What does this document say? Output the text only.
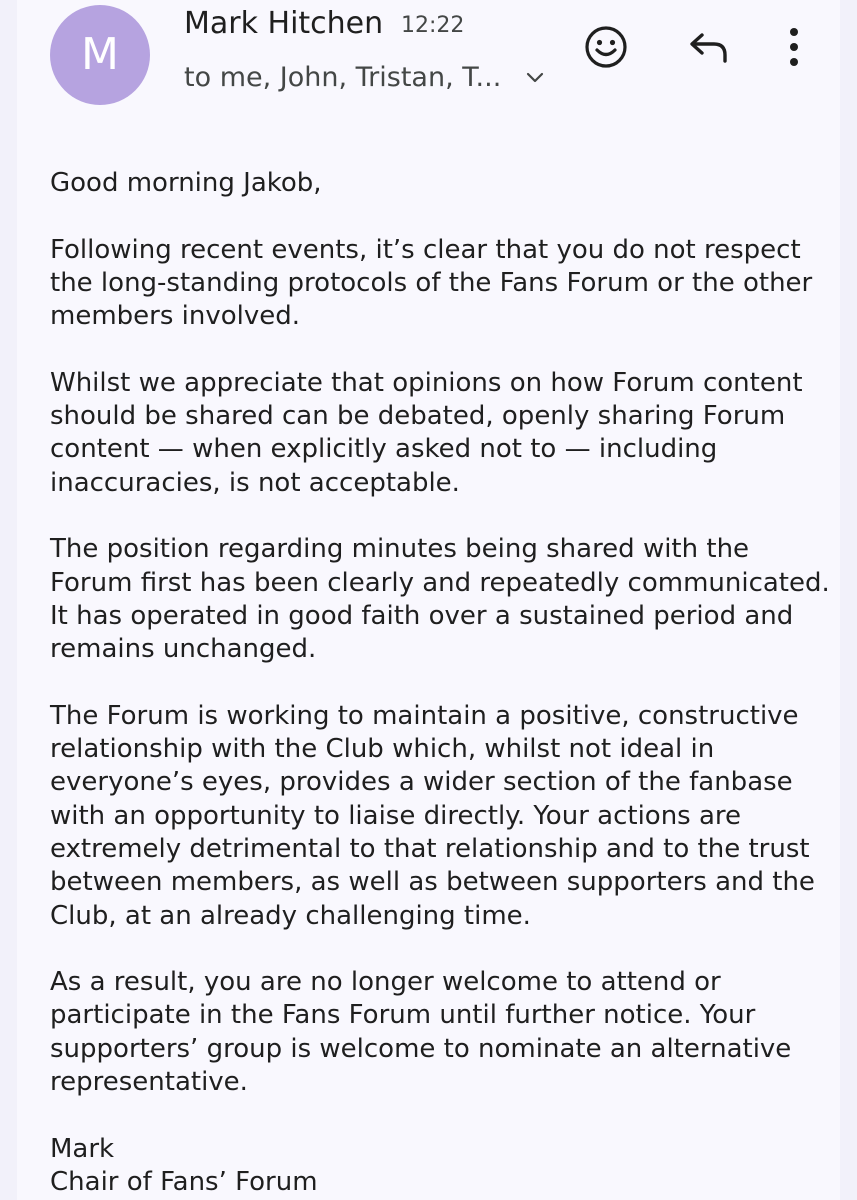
M
Mark Hitchen 12:22
to me, John, Tristan, T...

Good morning Jakob,

Following recent events, it’s clear that you do not respect the long-standing protocols of the Fans Forum or the other members involved.

Whilst we appreciate that opinions on how Forum content should be shared can be debated, openly sharing Forum content — when explicitly asked not to — including inaccuracies, is not acceptable.

The position regarding minutes being shared with the Forum first has been clearly and repeatedly communicated. It has operated in good faith over a sustained period and remains unchanged.

The Forum is working to maintain a positive, constructive relationship with the Club which, whilst not ideal in everyone’s eyes, provides a wider section of the fanbase with an opportunity to liaise directly. Your actions are extremely detrimental to that relationship and to the trust between members, as well as between supporters and the Club, at an already challenging time.

As a result, you are no longer welcome to attend or participate in the Fans Forum until further notice. Your supporters’ group is welcome to nominate an alternative representative.

Mark

Chair of Fans’ Forum
